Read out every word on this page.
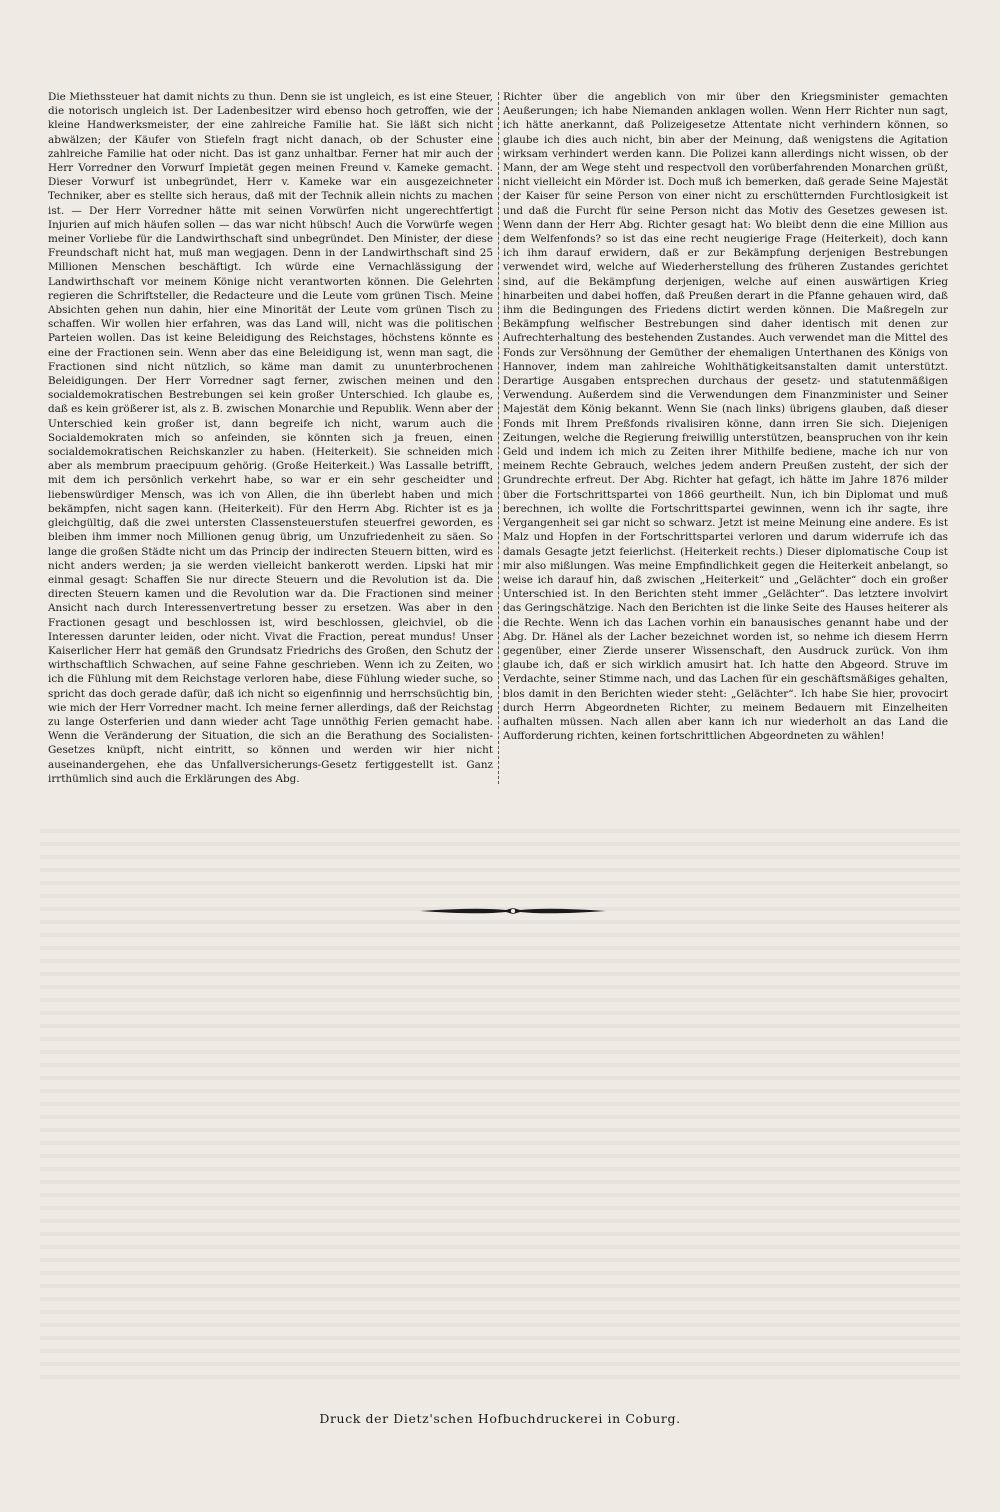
Die Miethssteuer hat damit nichts zu thun. Denn sie ist ungleich, es ist eine Steuer, die notorisch ungleich ist. Der Ladenbesitzer wird ebenso hoch getroffen, wie der kleine Handwerksmeister, der eine zahlreiche Familie hat. Sie läßt sich nicht abwälzen; der Käufer von Stiefeln fragt nicht danach, ob der Schuster eine zahlreiche Familie hat oder nicht. Das ist ganz unhaltbar. Ferner hat mir auch der Herr Vorredner den Vorwurf Impietät gegen meinen Freund v. Kameke gemacht. Dieser Vorwurf ist unbegründet, Herr v. Kameke war ein ausgezeichneter Techniker, aber es stellte sich heraus, daß mit der Technik allein nichts zu machen ist. — Der Herr Vorredner hätte mit seinen Vorwürfen nicht ungerechtfertigt Injurien auf mich häufen sollen — das war nicht hübsch! Auch die Vorwürfe wegen meiner Vorliebe für die Landwirthschaft sind unbegründet. Den Minister, der diese Freundschaft nicht hat, muß man wegjagen. Denn in der Landwirthschaft sind 25 Millionen Menschen beschäftigt. Ich würde eine Vernachlässigung der Landwirthschaft vor meinem Könige nicht verantworten können. Die Gelehrten regieren die Schriftsteller, die Redacteure und die Leute vom grünen Tisch. Meine Absichten gehen nun dahin, hier eine Minorität der Leute vom grünen Tisch zu schaffen. Wir wollen hier erfahren, was das Land will, nicht was die politischen Parteien wollen. Das ist keine Beleidigung des Reichstages, höchstens könnte es eine der Fractionen sein. Wenn aber das eine Beleidigung ist, wenn man sagt, die Fractionen sind nicht nützlich, so käme man damit zu ununterbrochenen Beleidigungen. Der Herr Vorredner sagt ferner, zwischen meinen und den socialdemokratischen Bestrebungen sei kein großer Unterschied. Ich glaube es, daß es kein größerer ist, als z. B. zwischen Monarchie und Republik. Wenn aber der Unterschied kein großer ist, dann begreife ich nicht, warum auch die Socialdemokraten mich so anfeinden, sie könnten sich ja freuen, einen socialdemokratischen Reichskanzler zu haben. (Heiterkeit). Sie schneiden mich aber als membrum praecipuum gehörig. (Große Heiterkeit.) Was Lassalle betrifft, mit dem ich persönlich verkehrt habe, so war er ein sehr gescheidter und liebenswürdiger Mensch, was ich von Allen, die ihn überlebt haben und mich bekämpfen, nicht sagen kann. (Heiterkeit). Für den Herrn Abg. Richter ist es ja gleichgültig, daß die zwei untersten Classensteuerstufen steuerfrei geworden, es bleiben ihm immer noch Millionen genug übrig, um Unzufriedenheit zu säen. So lange die großen Städte nicht um das Princip der indirecten Steuern bitten, wird es nicht anders werden; ja sie werden vielleicht bankerott werden. Lipski hat mir einmal gesagt: Schaffen Sie nur directe Steuern und die Revolution ist da. Die directen Steuern kamen und die Revolution war da. Die Fractionen sind meiner Ansicht nach durch Interessenvertretung besser zu ersetzen. Was aber in den Fractionen gesagt und beschlossen ist, wird beschlossen, gleichviel, ob die Interessen darunter leiden, oder nicht. Vivat die Fraction, pereat mundus! Unser Kaiserlicher Herr hat gemäß den Grundsatz Friedrichs des Großen, den Schutz der wirthschaftlich Schwachen, auf seine Fahne geschrieben. Wenn ich zu Zeiten, wo ich die Fühlung mit dem Reichstage verloren habe, diese Fühlung wieder suche, so spricht das doch gerade dafür, daß ich nicht so eigenfinnig und herrschsüchtig bin, wie mich der Herr Vorredner macht. Ich meine ferner allerdings, daß der Reichstag zu lange Osterferien und dann wieder acht Tage unnöthig Ferien gemacht habe. Wenn die Veränderung der Situation, die sich an die Berathung des Socialisten-Gesetzes knüpft, nicht eintritt, so können und werden wir hier nicht auseinandergehen, ehe das Unfallversicherungs-Gesetz fertiggestellt ist. Ganz irrthümlich sind auch die Erklärungen des Abg.

Richter über die angeblich von mir über den Kriegsminister gemachten Aeußerungen; ich habe Niemanden anklagen wollen. Wenn Herr Richter nun sagt, ich hätte anerkannt, daß Polizeigesetze Attentate nicht verhindern können, so glaube ich dies auch nicht, bin aber der Meinung, daß wenigstens die Agitation wirksam verhindert werden kann. Die Polizei kann allerdings nicht wissen, ob der Mann, der am Wege steht und respectvoll den vorüberfahrenden Monarchen grüßt, nicht vielleicht ein Mörder ist. Doch muß ich bemerken, daß gerade Seine Majestät der Kaiser für seine Person von einer nicht zu erschütternden Furchtlosigkeit ist und daß die Furcht für seine Person nicht das Motiv des Gesetzes gewesen ist. Wenn dann der Herr Abg. Richter gesagt hat: Wo bleibt denn die eine Million aus dem Welfenfonds? so ist das eine recht neugierige Frage (Heiterkeit), doch kann ich ihm darauf erwidern, daß er zur Bekämpfung derjenigen Bestrebungen verwendet wird, welche auf Wiederherstellung des früheren Zustandes gerichtet sind, auf die Bekämpfung derjenigen, welche auf einen auswärtigen Krieg hinarbeiten und dabei hoffen, daß Preußen derart in die Pfanne gehauen wird, daß ihm die Bedingungen des Friedens dictirt werden können. Die Maßregeln zur Bekämpfung welfischer Bestrebungen sind daher identisch mit denen zur Aufrechterhaltung des bestehenden Zustandes. Auch verwendet man die Mittel des Fonds zur Versöhnung der Gemüther der ehemaligen Unterthanen des Königs von Hannover, indem man zahlreiche Wohlthätigkeitsanstalten damit unterstützt. Derartige Ausgaben entsprechen durchaus der gesetz- und statutenmäßigen Verwendung. Außerdem sind die Verwendungen dem Finanzminister und Seiner Majestät dem König bekannt. Wenn Sie (nach links) übrigens glauben, daß dieser Fonds mit Ihrem Preßfonds rivalisiren könne, dann irren Sie sich. Diejenigen Zeitungen, welche die Regierung freiwillig unterstützen, beanspruchen von ihr kein Geld und indem ich mich zu Zeiten ihrer Mithilfe bediene, mache ich nur von meinem Rechte Gebrauch, welches jedem andern Preußen zusteht, der sich der Grundrechte erfreut. Der Abg. Richter hat gefagt, ich hätte im Jahre 1876 milder über die Fortschrittspartei von 1866 geurtheilt. Nun, ich bin Diplomat und muß berechnen, ich wollte die Fortschrittspartei gewinnen, wenn ich ihr sagte, ihre Vergangenheit sei gar nicht so schwarz. Jetzt ist meine Meinung eine andere. Es ist Malz und Hopfen in der Fortschrittspartei verloren und darum widerrufe ich das damals Gesagte jetzt feierlichst. (Heiterkeit rechts.) Dieser diplomatische Coup ist mir also mißlungen. Was meine Empfindlichkeit gegen die Heiterkeit anbelangt, so weise ich darauf hin, daß zwischen „Heiterkeit“ und „Gelächter“ doch ein großer Unterschied ist. In den Berichten steht immer „Gelächter“. Das letztere involvirt das Geringschätzige. Nach den Berichten ist die linke Seite des Hauses heiterer als die Rechte. Wenn ich das Lachen vorhin ein banausisches genannt habe und der Abg. Dr. Hänel als der Lacher bezeichnet worden ist, so nehme ich diesem Herrn gegenüber, einer Zierde unserer Wissenschaft, den Ausdruck zurück. Von ihm glaube ich, daß er sich wirklich amusirt hat. Ich hatte den Abgeord. Struve im Verdachte, seiner Stimme nach, und das Lachen für ein geschäftsmäßiges gehalten, blos damit in den Berichten wieder steht: „Gelächter“. Ich habe Sie hier, provocirt durch Herrn Abgeordneten Richter, zu meinem Bedauern mit Einzelheiten aufhalten müssen. Nach allen aber kann ich nur wiederholt an das Land die Aufforderung richten, keinen fortschrittlichen Abgeordneten zu wählen!

Druck der Dietz'schen Hofbuchdruckerei in Coburg.
